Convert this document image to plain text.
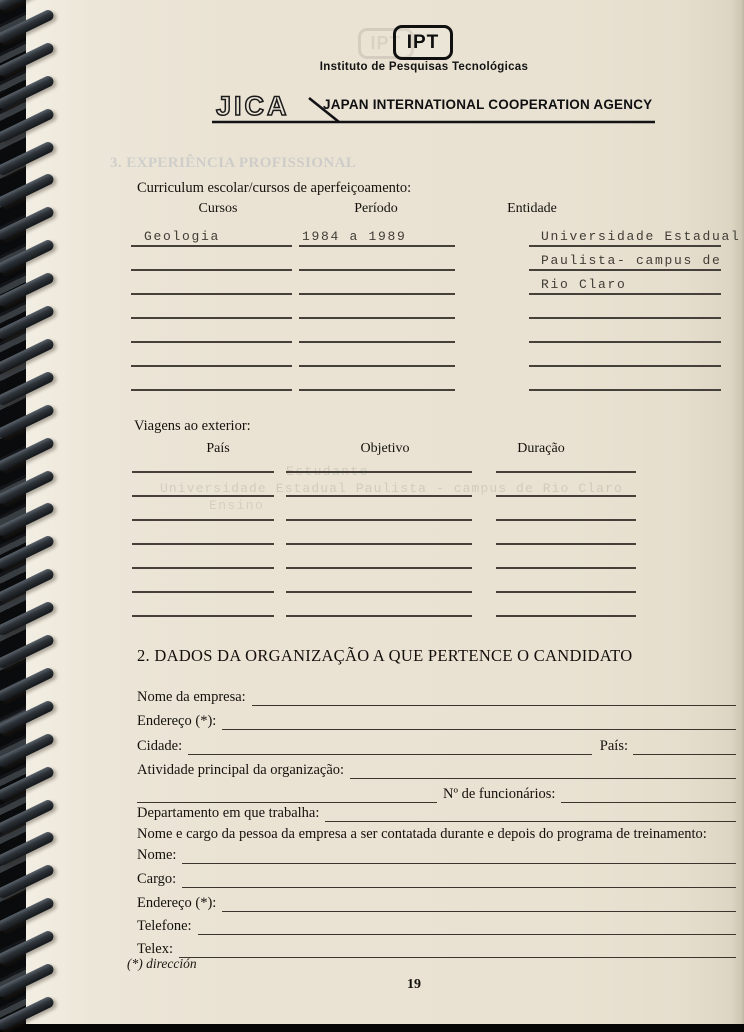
IPT IPT
Instituto de Pesquisas Tecnológicas
JICA JAPAN INTERNATIONAL COOPERATION AGENCY
3. EXPERIÊNCIA PROFISSIONAL
Estudante
Universidade Estadual Paulista - campus de Rio Claro
Ensino
Curriculum escolar/cursos de aperfeiçoamento:
Cursos	Período	Entidade
Geologia	1984 a 1989	Universidade Estadual
Paulista- campus de
Rio Claro
Viagens ao exterior:
País	Objetivo	Duração
2. DADOS DA ORGANIZAÇÃO A QUE PERTENCE O CANDIDATO
Nome da empresa:
Endereço (*):
Cidade:	País:
Atividade principal da organização:
Nº de funcionários:
Departamento em que trabalha:
Nome e cargo da pessoa da empresa a ser contatada durante e depois do programa de treinamento:
Nome:
Cargo:
Endereço (*):
Telefone:
Telex:
(*) dirección
19
